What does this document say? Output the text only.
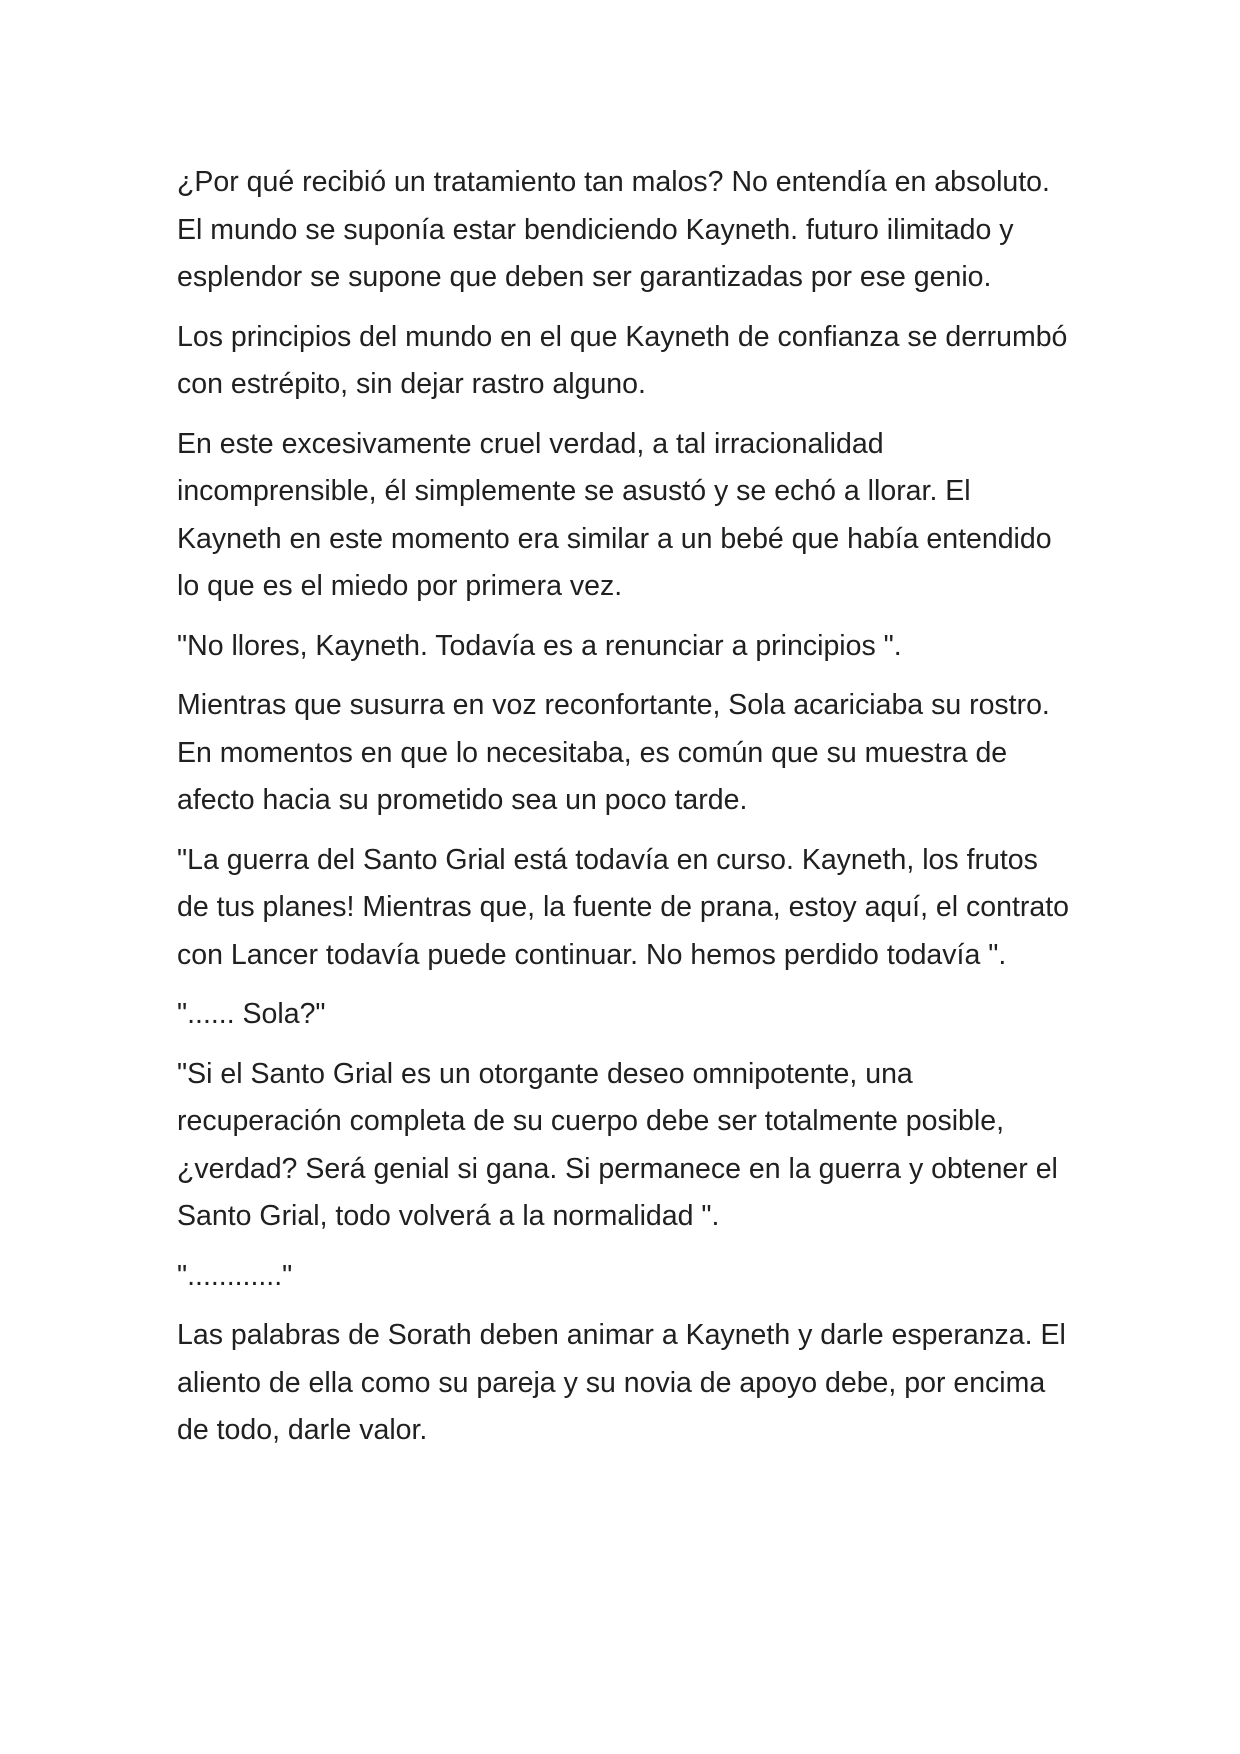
¿Por qué recibió un tratamiento tan malos? No entendía en absoluto. El mundo se suponía estar bendiciendo Kayneth. futuro ilimitado y esplendor se supone que deben ser garantizadas por ese genio.

Los principios del mundo en el que Kayneth de confianza se derrumbó con estrépito, sin dejar rastro alguno.

En este excesivamente cruel verdad, a tal irracionalidad incomprensible, él simplemente se asustó y se echó a llorar. El Kayneth en este momento era similar a un bebé que había entendido lo que es el miedo por primera vez.

"No llores, Kayneth. Todavía es a renunciar a principios ".

Mientras que susurra en voz reconfortante, Sola acariciaba su rostro. En momentos en que lo necesitaba, es común que su muestra de afecto hacia su prometido sea un poco tarde.

"La guerra del Santo Grial está todavía en curso. Kayneth, los frutos de tus planes! Mientras que, la fuente de prana, estoy aquí, el contrato con Lancer todavía puede continuar. No hemos perdido todavía ".

"...... Sola?"

"Si el Santo Grial es un otorgante deseo omnipotente, una recuperación completa de su cuerpo debe ser totalmente posible, ¿verdad? Será genial si gana. Si permanece en la guerra y obtener el Santo Grial, todo volverá a la normalidad ".

"............"

Las palabras de Sorath deben animar a Kayneth y darle esperanza. El aliento de ella como su pareja y su novia de apoyo debe, por encima de todo, darle valor.
